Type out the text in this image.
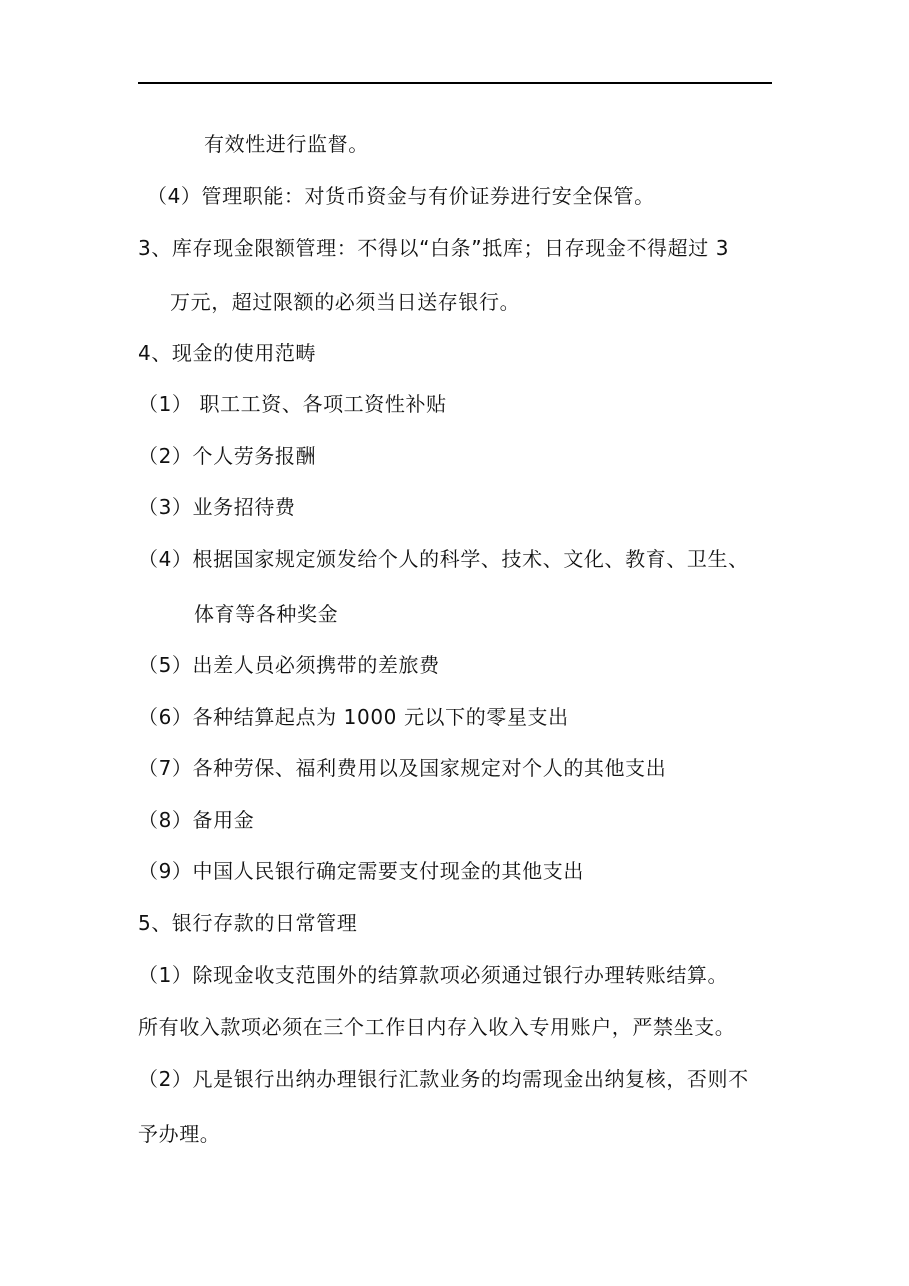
有效性进行监督。
（4）管理职能：对货币资金与有价证券进行安全保管。
3、库存现金限额管理：不得以“白条”抵库；日存现金不得超过 3
万元，超过限额的必须当日送存银行。
4、现金的使用范畴
（1） 职工工资、各项工资性补贴
（2）个人劳务报酬
（3）业务招待费
（4）根据国家规定颁发给个人的科学、技术、文化、教育、卫生、
体育等各种奖金
（5）出差人员必须携带的差旅费
（6）各种结算起点为 1000 元以下的零星支出
（7）各种劳保、福利费用以及国家规定对个人的其他支出
（8）备用金
（9）中国人民银行确定需要支付现金的其他支出
5、银行存款的日常管理
（1）除现金收支范围外的结算款项必须通过银行办理转账结算。
所有收入款项必须在三个工作日内存入收入专用账户，严禁坐支。
（2）凡是银行出纳办理银行汇款业务的均需现金出纳复核，否则不
予办理。
